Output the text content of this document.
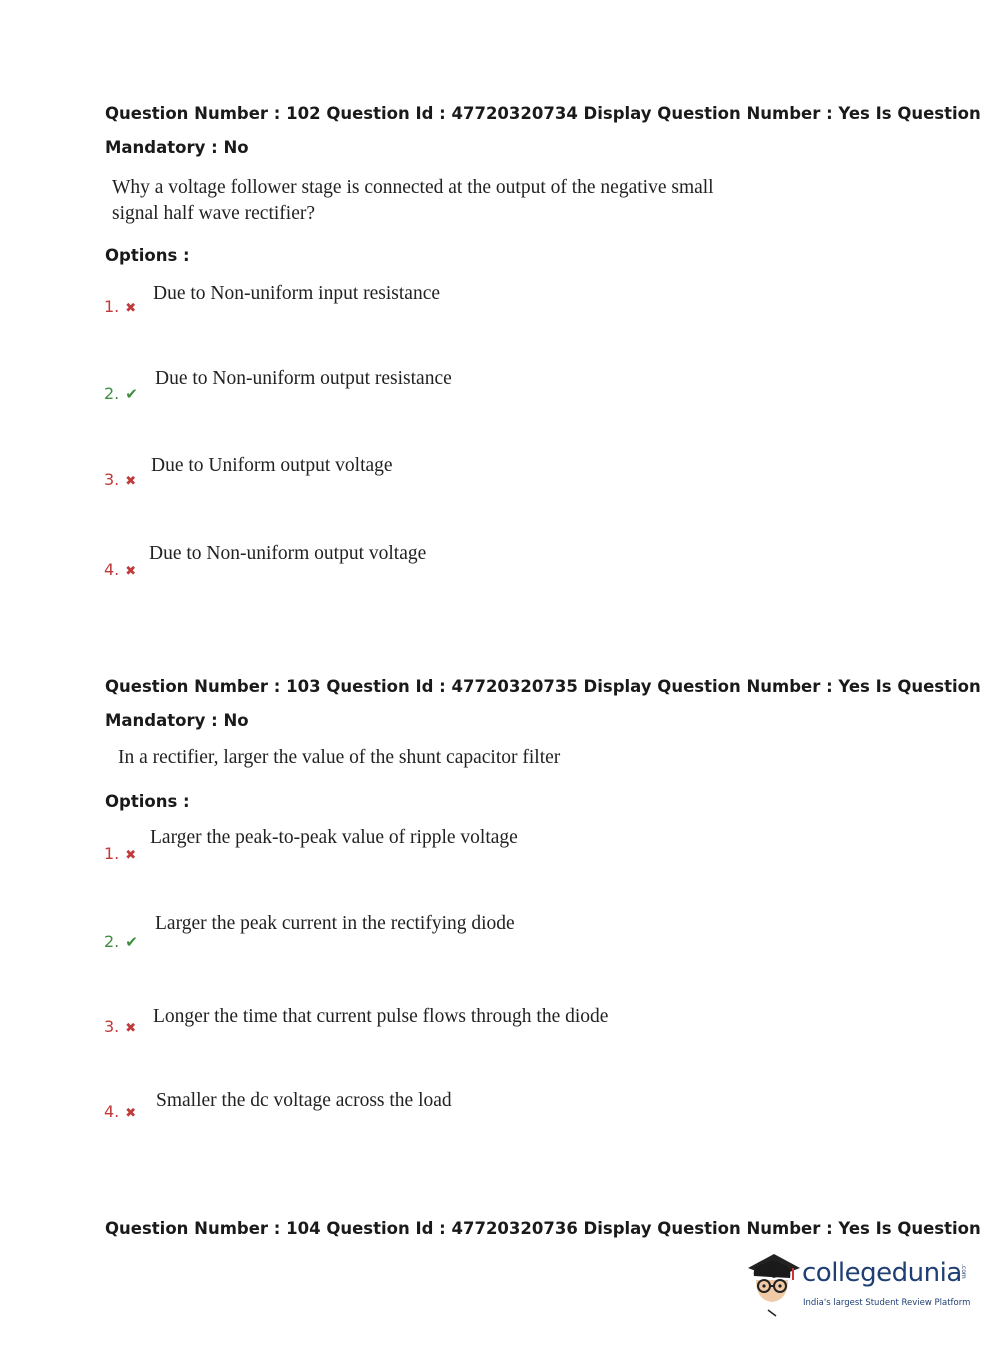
Question Number : 102 Question Id : 47720320734 Display Question Number : Yes Is Question
Mandatory : No
Why a voltage follower stage is connected at the output of the negative small
signal half wave rectifier?
Options :
1. ✖
Due to Non-uniform input resistance
2. ✔
Due to Non-uniform output resistance
3. ✖
Due to Uniform output voltage
4. ✖
Due to Non-uniform output voltage
Question Number : 103 Question Id : 47720320735 Display Question Number : Yes Is Question
Mandatory : No
In a rectifier, larger the value of the shunt capacitor filter
Options :
1. ✖
Larger the peak-to-peak value of ripple voltage
2. ✔
Larger the peak current in the rectifying diode
3. ✖
Longer the time that current pulse flows through the diode
4. ✖
Smaller the dc voltage across the load
Question Number : 104 Question Id : 47720320736 Display Question Number : Yes Is Question
collegedunia
.com
India's largest Student Review Platform
